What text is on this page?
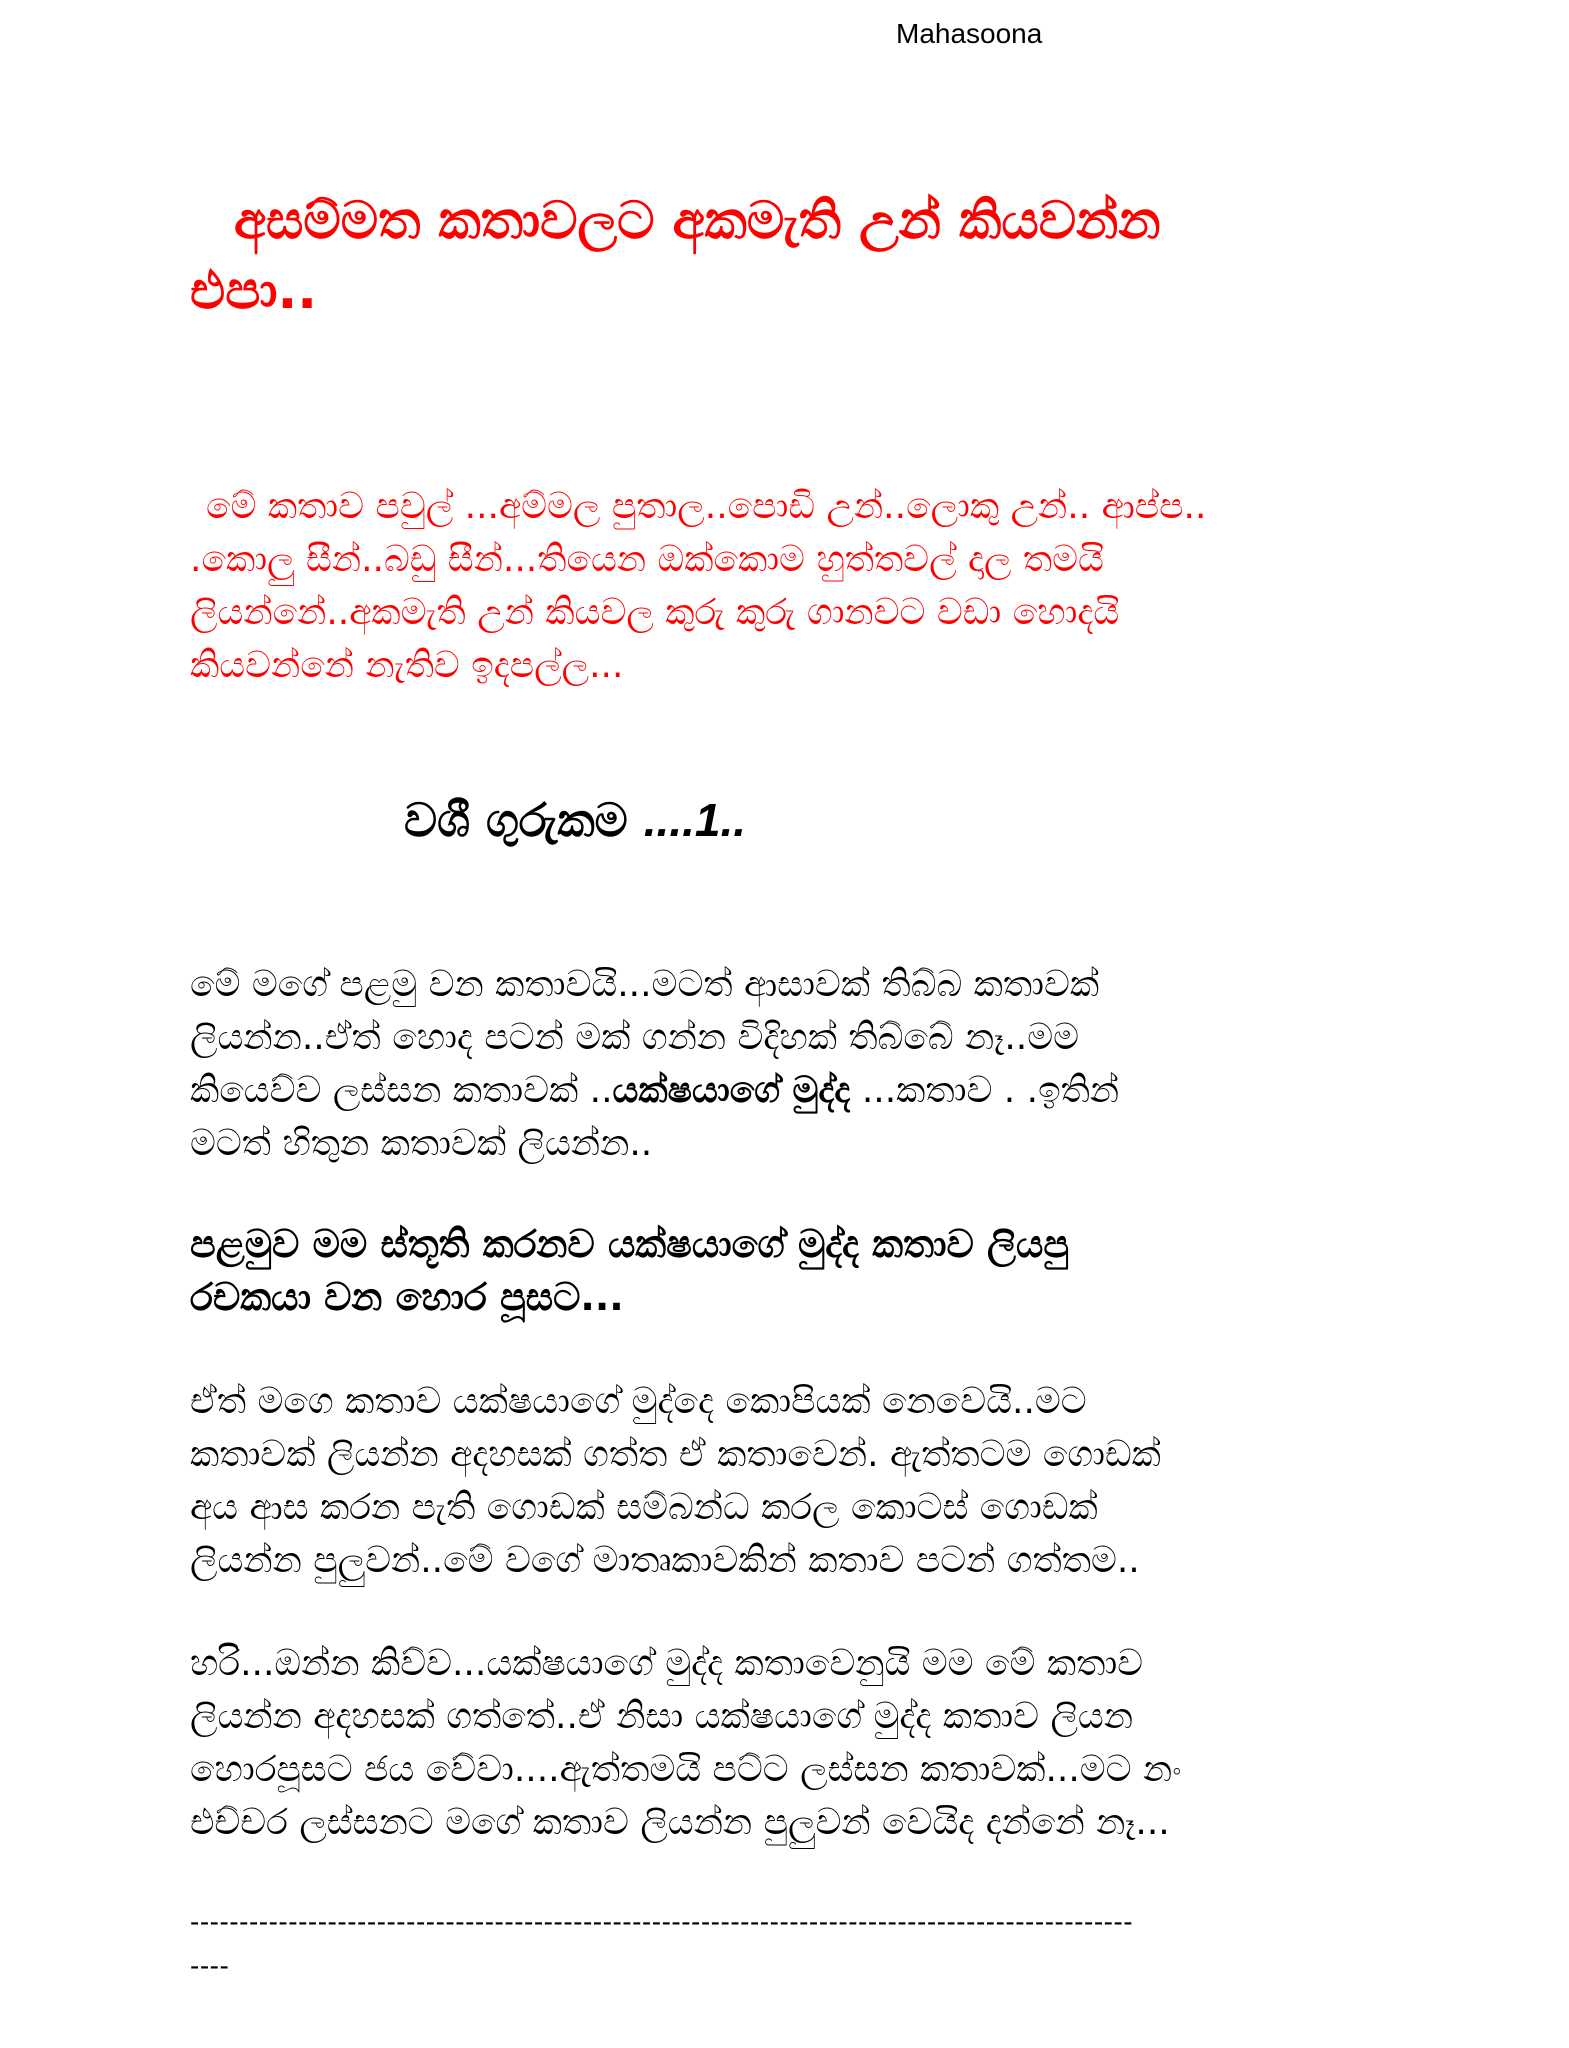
Mahasoona
අසම්මත කතාවලට අකමැති උන් කියවන්න
එපා..

මේ කතාව පවුල් ...අම්මල පුතාල..පොඩි උන්..ලොකු උන්.. ආප්ප..
.කොලු සීන්..බඩු සීන්...තියෙන ඔක්කොම හුත්තවල් දාල තමයි
ලියන්නේ..අකමැති උන් කියවල කුරු කුරු ගානවට වඩා හොදයි
කියවන්නේ නැතිව ඉදපල්ල...

වශී ගුරුකම ....1..

මේ මගේ පළමු වන කතාවයි...මටත් ආසාවක් තිබ්බ කතාවක්
ලියන්න..ඒත් හොද පටන් මක් ගන්න විදිහක් තිබ්බේ නෑ..මම
කියෙව්ව ලස්සන කතාවක් ..යක්ෂයාගේ මුද්ද ...කතාව . .ඉතින්
මටත් හිතුන කතාවක් ලියන්න..

පළමුව මම ස්තූති කරනව යක්ෂයාගේ මුද්ද කතාව ලියපු
රචකයා වන හොර පූසට...

ඒත් මගෙ කතාව යක්ෂයාගේ මුද්දෙ කොපියක් නෙවෙයි..මට
කතාවක් ලියන්න අදහසක් ගත්ත ඒ කතාවෙන්. ඇත්තටම ගොඩක්
අය ආස කරන පැති ගොඩක් සම්බන්ධ කරල කොටස් ගොඩක්
ලියන්න පුලුවන්..මේ වගේ මාතෘකාවකින් කතාව පටන් ගත්තම..

හරි...ඔන්න කිව්ව...යක්ෂයාගේ මුද්ද කතාවෙනුයි මම මේ කතාව
ලියන්න අදහසක් ගත්තේ..ඒ නිසා යක්ෂයාගේ මුද්ද කතාව ලියන
හොරපූසට ජය වේවා....ඇත්තමයි පට්ට ලස්සන කතාවක්...මට නං
එච්චර ලස්සනට මගේ කතාව ලියන්න පුලුවන් වෙයිද දන්නේ නෑ...

------------------------------------------------------------------------------------------------
----
